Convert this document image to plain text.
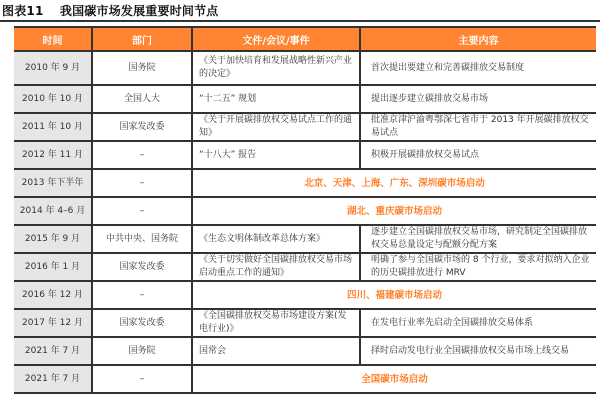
图表11 我国碳市场发展重要时间节点
时间	部门	文件/会议/事件	主要内容
2010 年 9 月	国务院	《关于加快培育和发展战略性新兴产业的决定》	首次提出要建立和完善碳排放交易制度
2010 年 10 月	全国人大	“十二五” 规划	提出逐步建立碳排放交易市场
2011 年 10 月	国家发改委	《关于开展碳排放权交易试点工作的通知》	批准京津沪渝粤鄂深七省市于 2013 年开展碳排放权交易试点
2012 年 11 月	–	“十八大” 报告	积极开展碳排放权交易试点
2013 年下半年	–	北京、天津、上海、广东、深圳碳市场启动	
2014 年 4–6 月	–	湖北、重庆碳市场启动	
2015 年 9 月	中共中央、国务院	《生态文明体制改革总体方案》	逐步建立全国碳排放权交易市场，研究制定全国碳排放权交易总量设定与配额分配方案
2016 年 1 月	国家发改委	《关于切实做好全国碳排放权交易市场启动重点工作的通知》	明确了参与全国碳市场的 8 个行业，要求对拟纳入企业的历史碳排放进行 MRV
2016 年 12 月	–	四川、福建碳市场启动	
2017 年 12 月	国家发改委	《全国碳排放权交易市场建设方案(发电行业)》	在发电行业率先启动全国碳排放交易体系
2021 年 7 月	国务院	国常会	择时启动发电行业全国碳排放权交易市场上线交易
2021 年 7 月	–	全国碳市场启动	
